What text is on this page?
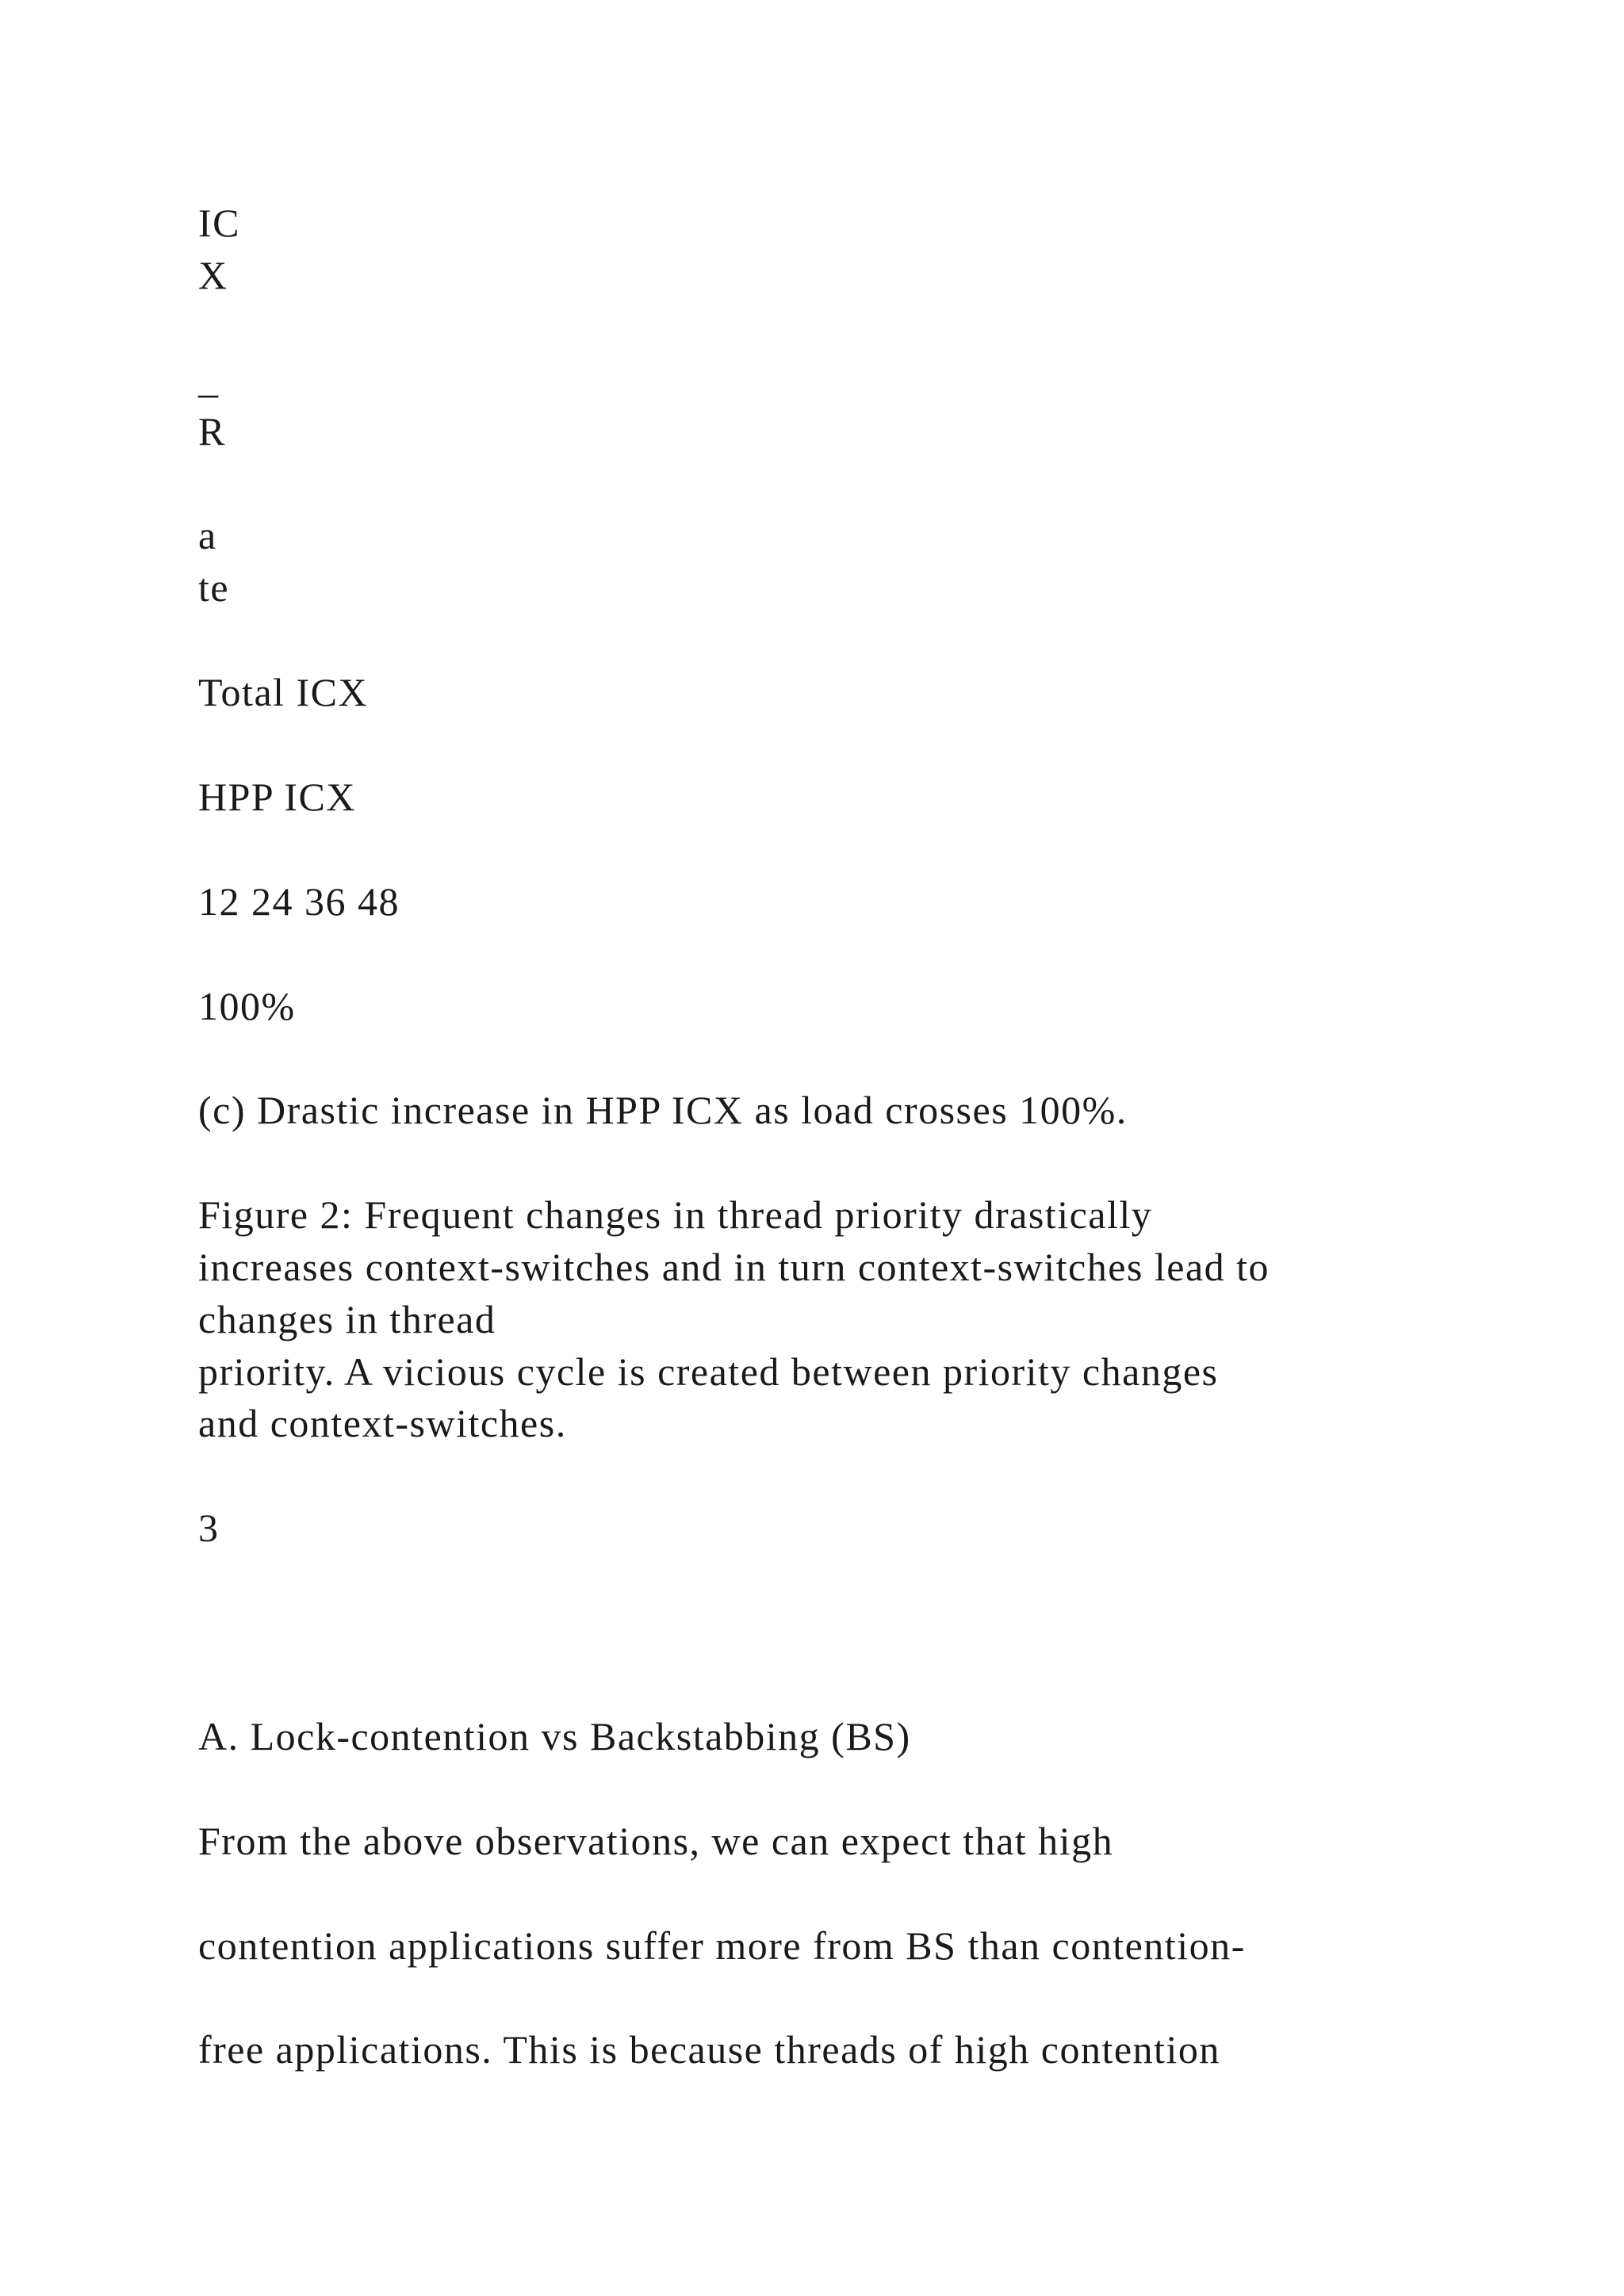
IC
X
_
R
a
te
Total ICX
HPP ICX
12 24 36 48
100%
(c) Drastic increase in HPP ICX as load crosses 100%.
Figure 2: Frequent changes in thread priority drastically
increases context-switches and in turn context-switches lead to
changes in thread
priority. A vicious cycle is created between priority changes
and context-switches.
3
A. Lock-contention vs Backstabbing (BS)
From the above observations, we can expect that high
contention applications suffer more from BS than contention-
free applications. This is because threads of high contention
